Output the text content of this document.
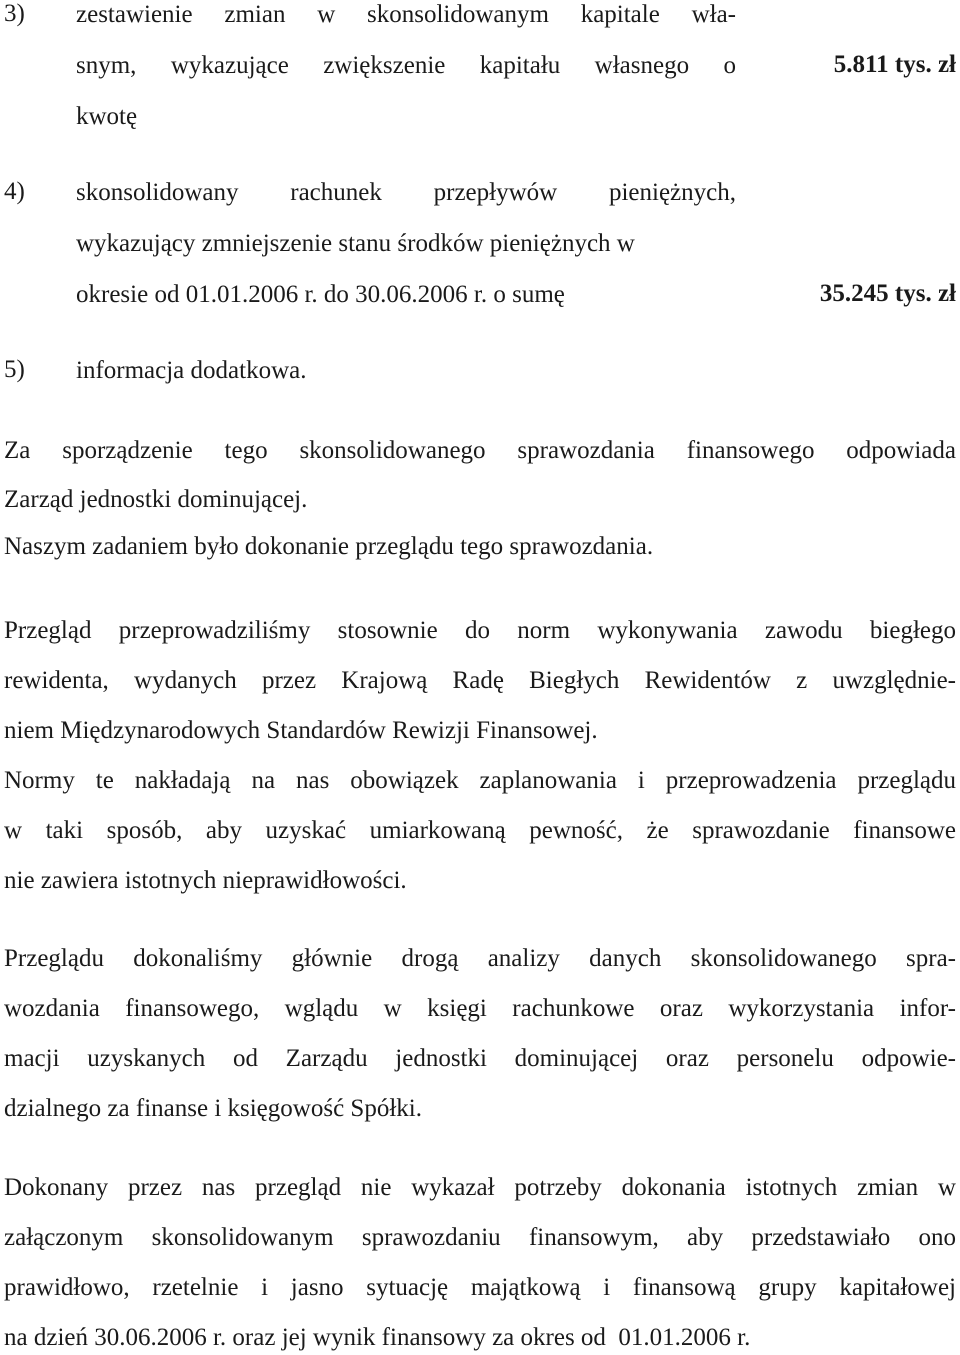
3) zestawienie zmian w skonsolidowanym kapitale wła-
snym, wykazujące zwiększenie kapitału własnego o
kwotę
5.811 tys. zł
4) skonsolidowany rachunek przepływów pieniężnych,
wykazujący zmniejszenie stanu środków pieniężnych w
okresie od 01.01.2006 r. do 30.06.2006 r. o sumę	35.245 tys. zł
5) informacja dodatkowa.
Za sporządzenie tego skonsolidowanego sprawozdania finansowego odpowiada
Zarząd jednostki dominującej.
Naszym zadaniem było dokonanie przeglądu tego sprawozdania.
Przegląd przeprowadziliśmy stosownie do norm wykonywania zawodu biegłego
rewidenta, wydanych przez Krajową Radę Biegłych Rewidentów z uwzględnie-
niem Międzynarodowych Standardów Rewizji Finansowej.
Normy te nakładają na nas obowiązek zaplanowania i przeprowadzenia przeglądu
w taki sposób, aby uzyskać umiarkowaną pewność, że sprawozdanie finansowe
nie zawiera istotnych nieprawidłowości.
Przeglądu dokonaliśmy głównie drogą analizy danych skonsolidowanego spra-
wozdania finansowego, wglądu w księgi rachunkowe oraz wykorzystania infor-
macji uzyskanych od Zarządu jednostki dominującej oraz personelu odpowie-
dzialnego za finanse i księgowość Spółki.
Dokonany przez nas przegląd nie wykazał potrzeby dokonania istotnych zmian w
załączonym skonsolidowanym sprawozdaniu finansowym, aby przedstawiało ono
prawidłowo, rzetelnie i jasno sytuację majątkową i finansową grupy kapitałowej
na dzień 30.06.2006 r. oraz jej wynik finansowy za okres od  01.01.2006 r.
